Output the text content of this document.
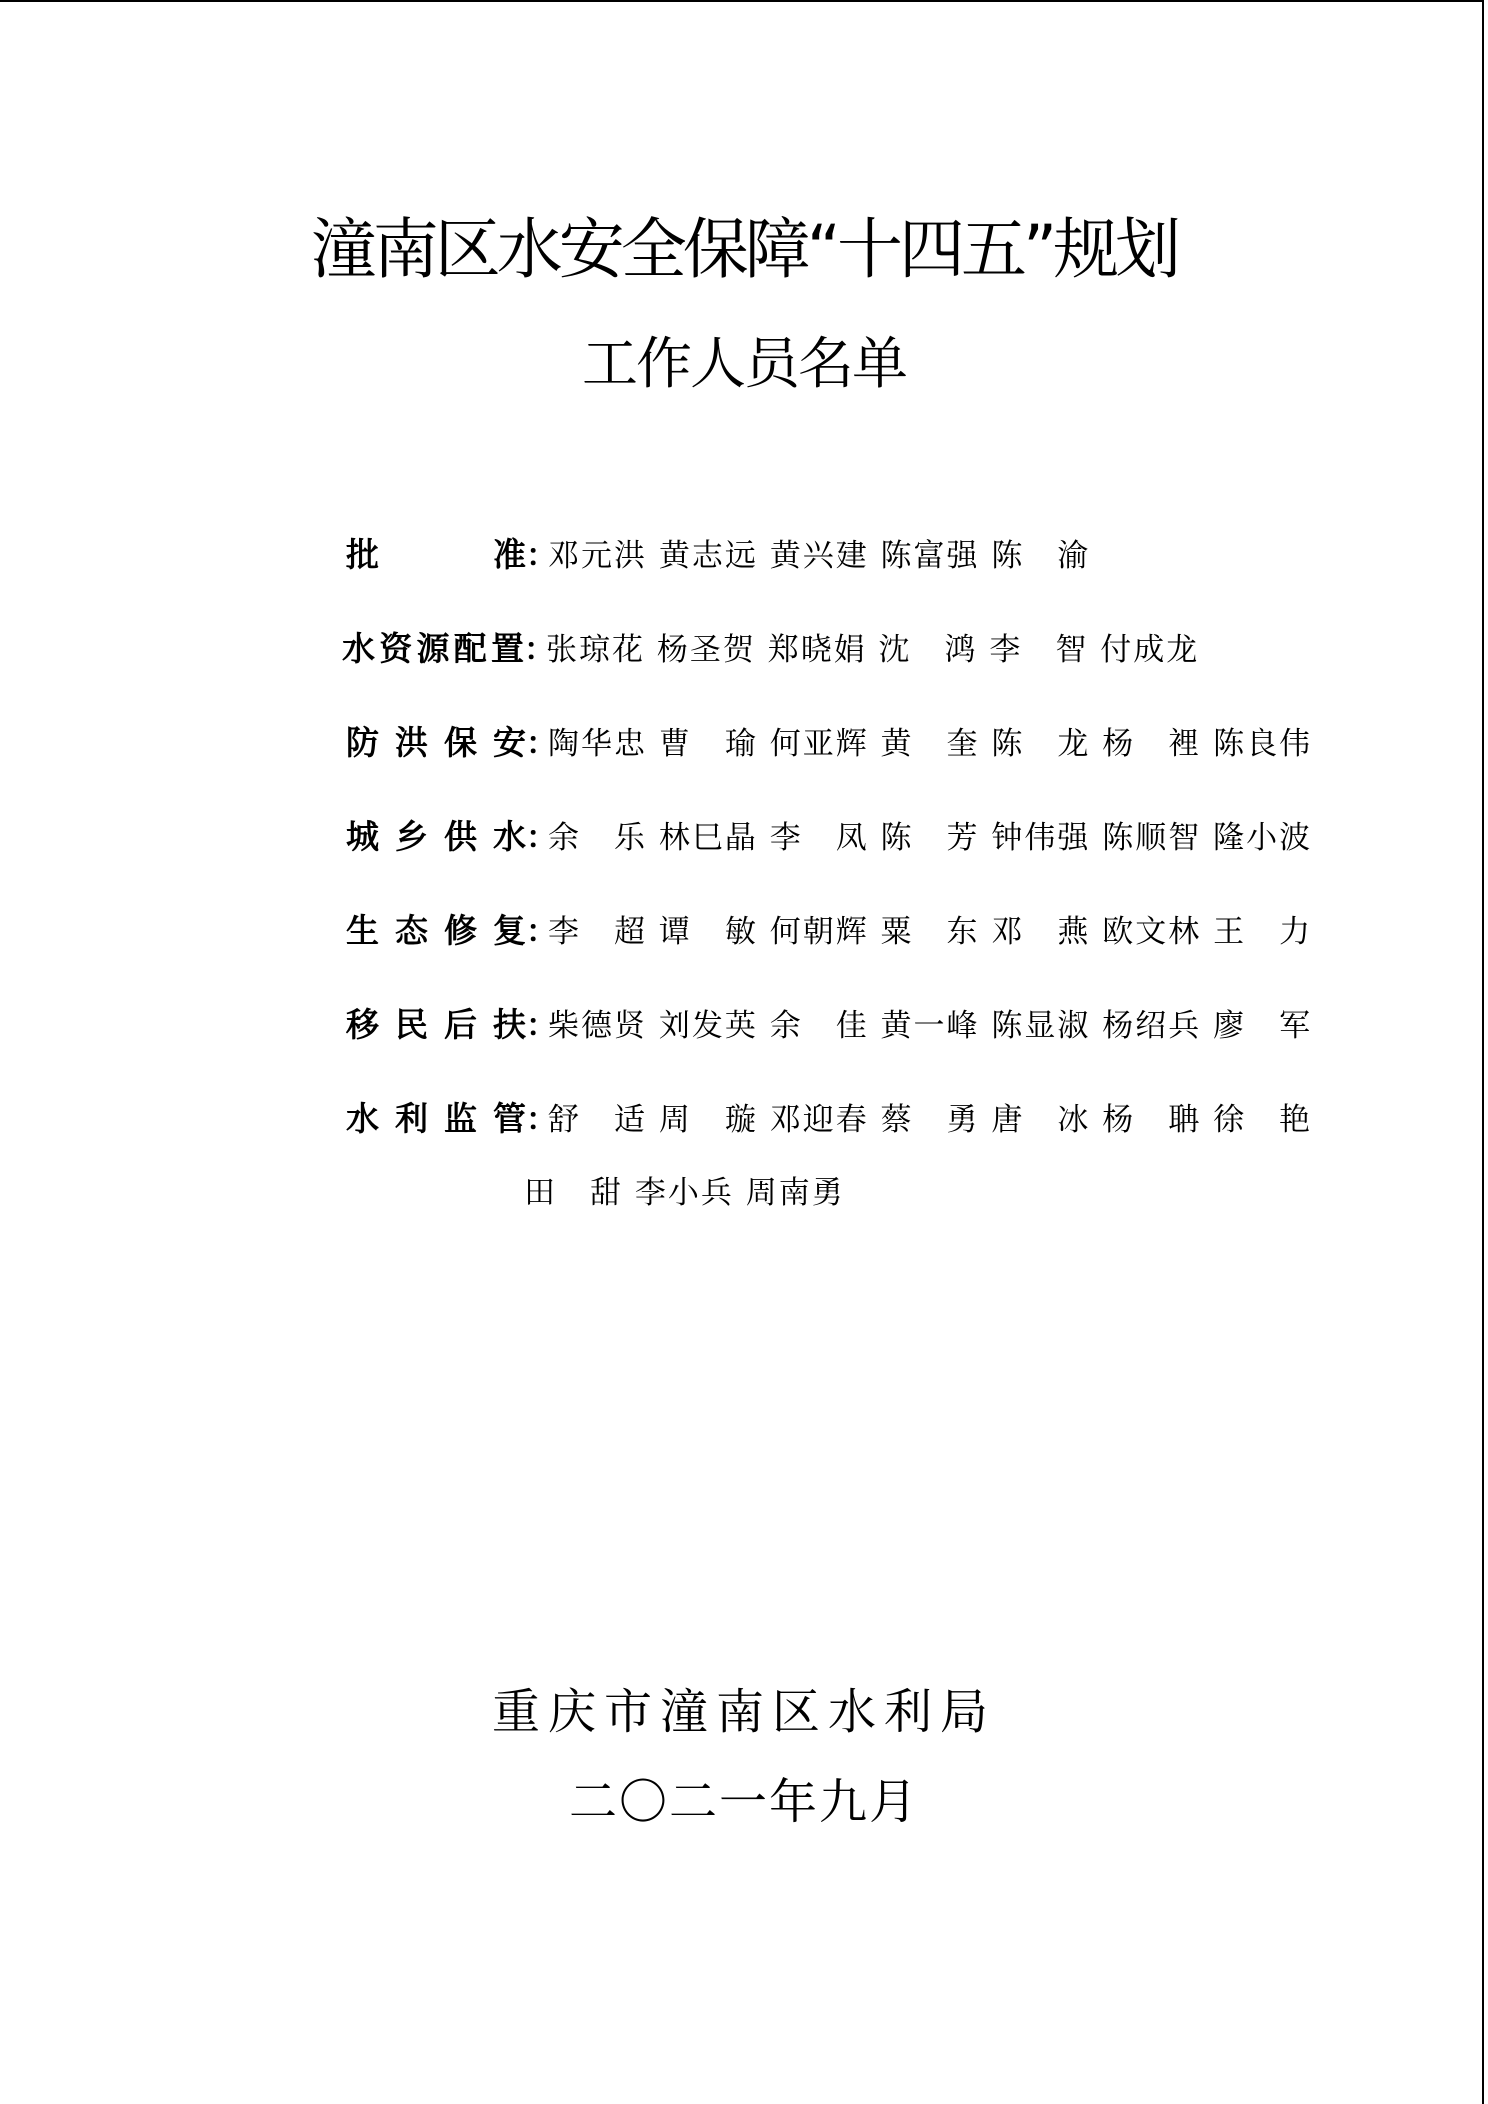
潼南区水安全保障“十四五”规划
工作人员名单
批　　准：邓元洪 黄志远 黄兴建 陈富强 陈　渝
水资源配置：张琼花 杨圣贺 郑晓娟 沈　鸿 李　智 付成龙
防洪保安：陶华忠 曹　瑜 何亚辉 黄　奎 陈　龙 杨　裡 陈良伟
城乡供水：余　乐 林巳晶 李　凤 陈　芳 钟伟强 陈顺智 隆小波
生态修复：李　超 谭　敏 何朝辉 粟　东 邓　燕 欧文林 王　力
移民后扶：柴德贤 刘发英 余　佳 黄一峰 陈显淑 杨绍兵 廖　军
水利监管：舒　适 周　璇 邓迎春 蔡　勇 唐　冰 杨　聃 徐　艳
田　甜 李小兵 周南勇
重庆市潼南区水利局
二〇二一年九月
